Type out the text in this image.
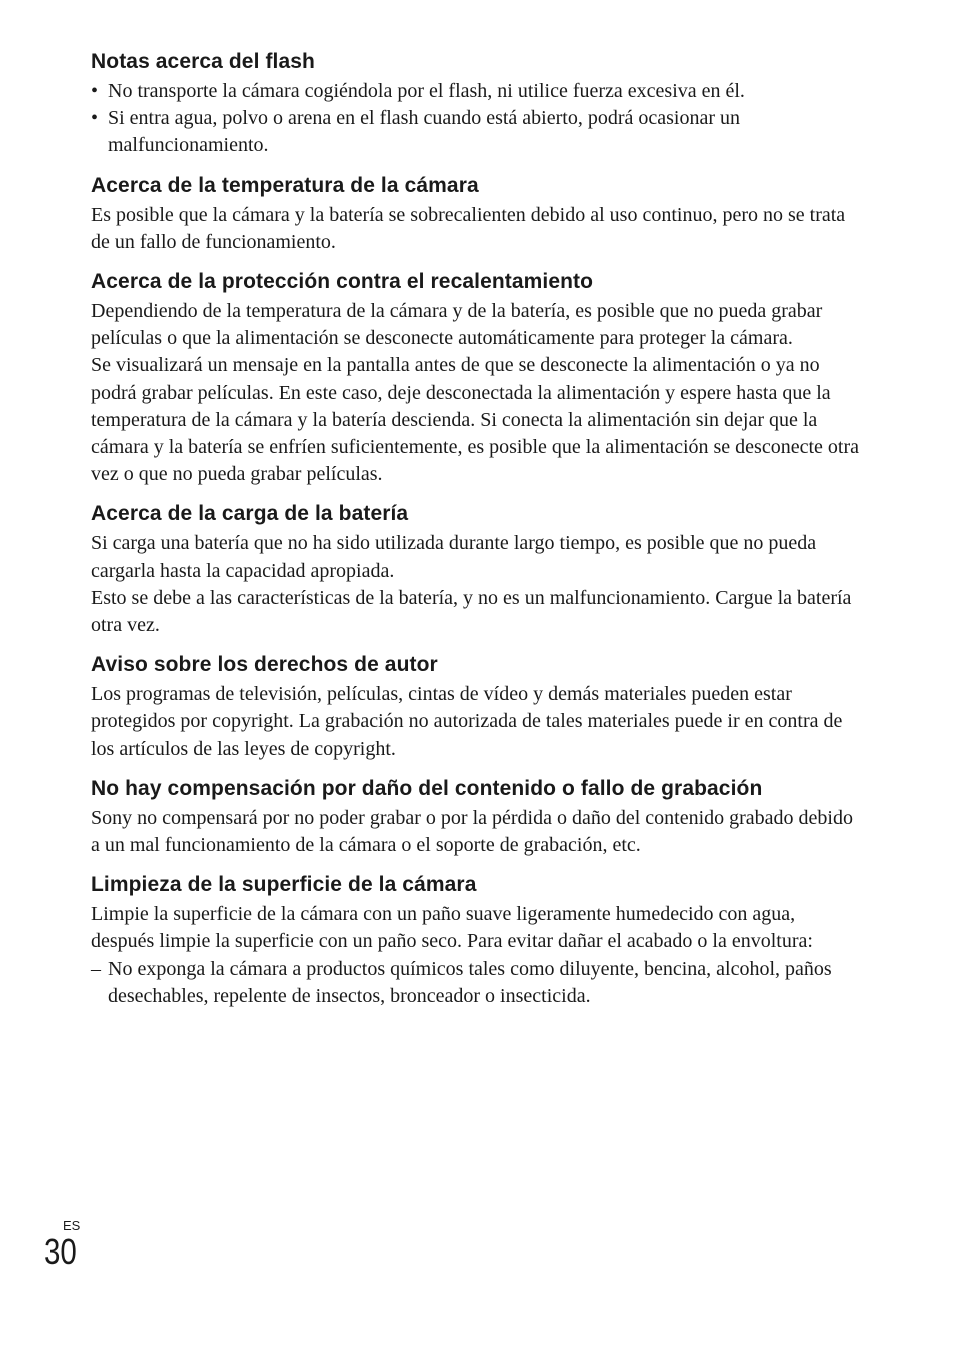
Notas acerca del flash
• No transporte la cámara cogiéndola por el flash, ni utilice fuerza excesiva en él.
• Si entra agua, polvo o arena en el flash cuando está abierto, podrá ocasionar un malfuncionamiento.
Acerca de la temperatura de la cámara

Es posible que la cámara y la batería se sobrecalienten debido al uso continuo, pero no se trata de un fallo de funcionamiento.

Acerca de la protección contra el recalentamiento

Dependiendo de la temperatura de la cámara y de la batería, es posible que no pueda grabar películas o que la alimentación se desconecte automáticamente para proteger la cámara.

Se visualizará un mensaje en la pantalla antes de que se desconecte la alimentación o ya no podrá grabar películas. En este caso, deje desconectada la alimentación y espere hasta que la temperatura de la cámara y la batería descienda. Si conecta la alimentación sin dejar que la cámara y la batería se enfríen suficientemente, es posible que la alimentación se desconecte otra vez o que no pueda grabar películas.

Acerca de la carga de la batería

Si carga una batería que no ha sido utilizada durante largo tiempo, es posible que no pueda cargarla hasta la capacidad apropiada.

Esto se debe a las características de la batería, y no es un malfuncionamiento. Cargue la batería otra vez.

Aviso sobre los derechos de autor

Los programas de televisión, películas, cintas de vídeo y demás materiales pueden estar protegidos por copyright. La grabación no autorizada de tales materiales puede ir en contra de los artículos de las leyes de copyright.

No hay compensación por daño del contenido o fallo de grabación

Sony no compensará por no poder grabar o por la pérdida o daño del contenido grabado debido a un mal funcionamiento de la cámara o el soporte de grabación, etc.

Limpieza de la superficie de la cámara

Limpie la superficie de la cámara con un paño suave ligeramente humedecido con agua, después limpie la superficie con un paño seco. Para evitar dañar el acabado o la envoltura:

– No exponga la cámara a productos químicos tales como diluyente, bencina, alcohol, paños desechables, repelente de insectos, bronceador o insecticida.
ES
30
